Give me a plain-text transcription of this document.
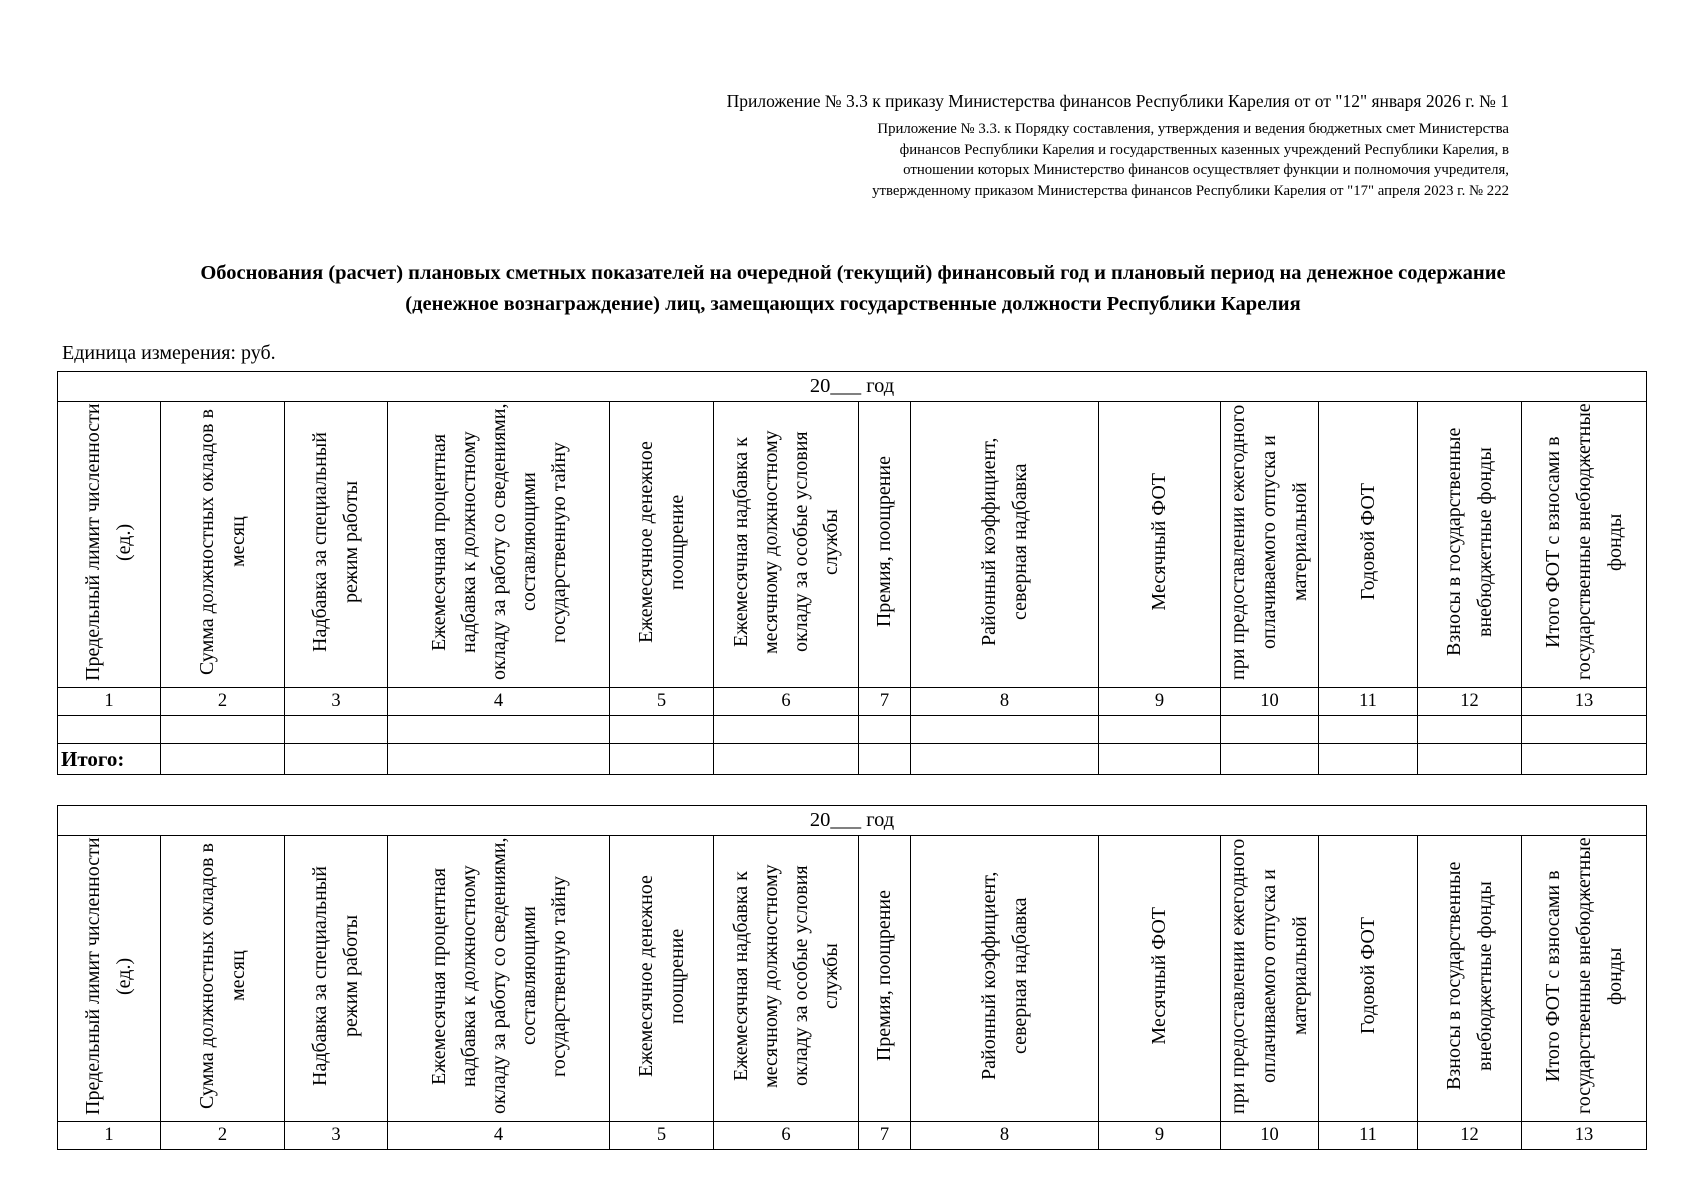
Приложение № 3.3 к приказу Министерства финансов Республики Карелия от от "12" января 2026 г. № 1
Приложение № 3.3. к Порядку составления, утверждения и ведения бюджетных смет Министерства
финансов Республики Карелия и государственных казенных учреждений Республики Карелия, в
отношении которых Министерство финансов осуществляет функции и полномочия учредителя,
утвержденному приказом Министерства финансов Республики Карелия от "17" апреля 2023 г. № 222
Обоснования (расчет) плановых сметных показателей на очередной (текущий) финансовый год и плановый период на денежное содержание
(денежное вознаграждение) лиц, замещающих государственные должности Республики Карелия
Единица измерения: руб.
20___ год												
Предельный лимит численности (ед.)	Сумма должностных окладов в месяц	Надбавка за специальный режим работы	Ежемесячная процентная надбавка к должностному окладу за работу со сведениями, составляющими государственную тайну	Ежемесячное денежное поощрение	Ежемесячная надбавка к месячному должностному окладу за особые условия службы	Премия, поощрение	Районный коэффициент, северная надбавка	Месячный ФОТ	при предоставлении ежегодного оплачиваемого отпуска и материальной	Годовой ФОТ	Взносы в государственные внебюджетные фонды	Итого ФОТ с взносами в государственные внебюджетные фонды
1	2	3	4	5	6	7	8	9	10	11	12	13

Итого:												
20___ год												
Предельный лимит численности (ед.)	Сумма должностных окладов в месяц	Надбавка за специальный режим работы	Ежемесячная процентная надбавка к должностному окладу за работу со сведениями, составляющими государственную тайну	Ежемесячное денежное поощрение	Ежемесячная надбавка к месячному должностному окладу за особые условия службы	Премия, поощрение	Районный коэффициент, северная надбавка	Месячный ФОТ	при предоставлении ежегодного оплачиваемого отпуска и материальной	Годовой ФОТ	Взносы в государственные внебюджетные фонды	Итого ФОТ с взносами в государственные внебюджетные фонды
1	2	3	4	5	6	7	8	9	10	11	12	13
